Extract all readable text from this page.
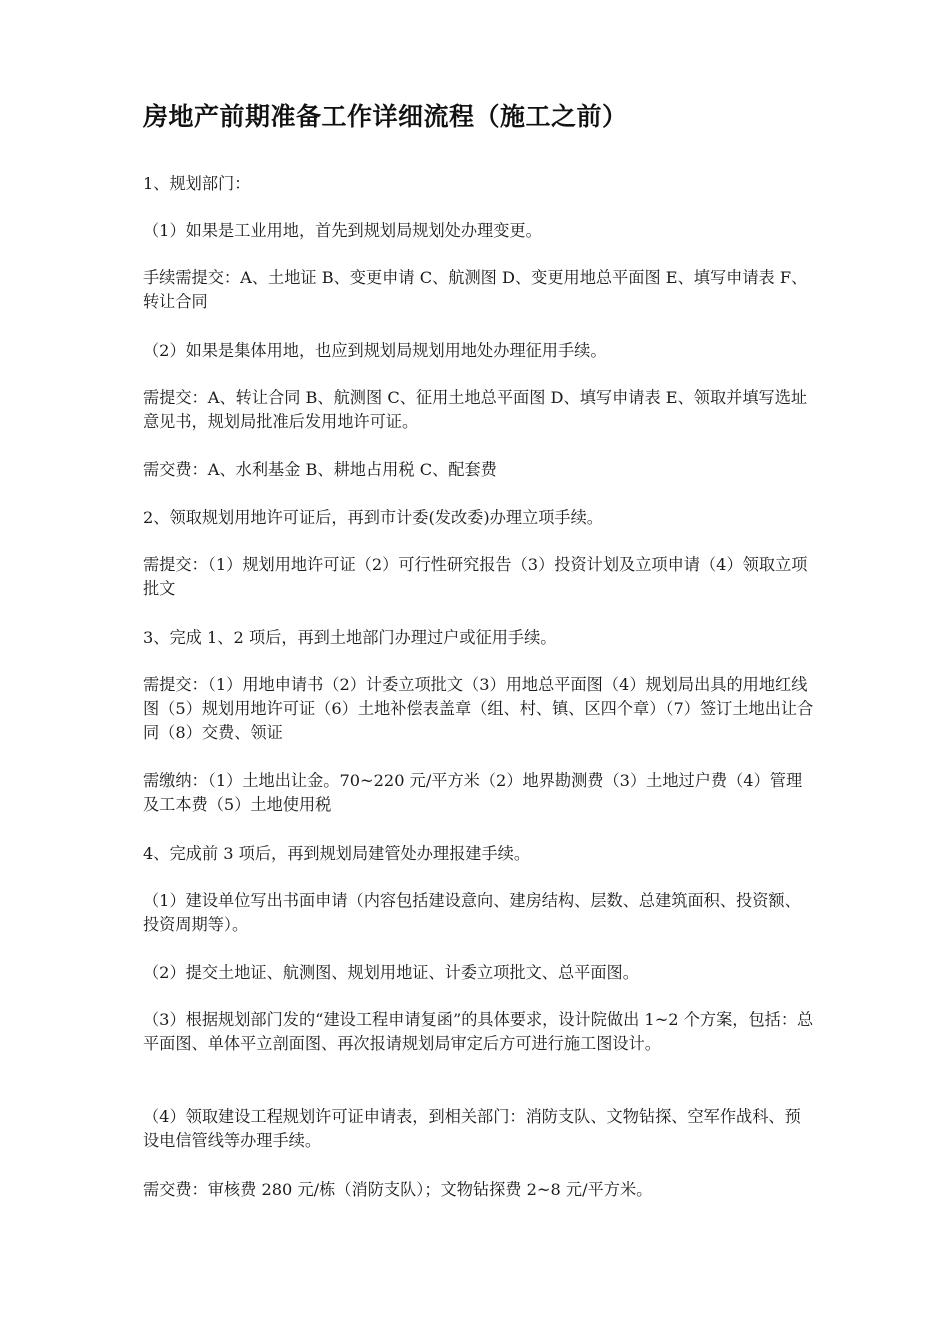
房地产前期准备工作详细流程（施工之前）

1、规划部门：

（1）如果是工业用地，首先到规划局规划处办理变更。

手续需提交：A、土地证 B、变更申请 C、航测图 D、变更用地总平面图 E、填写申请表 F、转让合同

（2）如果是集体用地，也应到规划局规划用地处办理征用手续。

需提交：A、转让合同 B、航测图 C、征用土地总平面图 D、填写申请表 E、领取并填写选址意见书，规划局批准后发用地许可证。

需交费：A、水利基金 B、耕地占用税 C、配套费

2、领取规划用地许可证后，再到市计委(发改委)办理立项手续。

需提交：（1）规划用地许可证（2）可行性研究报告（3）投资计划及立项申请（4）领取立项批文

3、完成 1、2 项后，再到土地部门办理过户或征用手续。

需提交：（1）用地申请书（2）计委立项批文（3）用地总平面图（4）规划局出具的用地红线图（5）规划用地许可证（6）土地补偿表盖章（组、村、镇、区四个章）（7）签订土地出让合同（8）交费、领证

需缴纳：（1）土地出让金。70~220 元/平方米（2）地界勘测费（3）土地过户费（4）管理及工本费（5）土地使用税

4、完成前 3 项后，再到规划局建管处办理报建手续。

（1）建设单位写出书面申请（内容包括建设意向、建房结构、层数、总建筑面积、投资额、投资周期等）。

（2）提交土地证、航测图、规划用地证、计委立项批文、总平面图。

（3）根据规划部门发的“建设工程申请复函”的具体要求，设计院做出 1~2 个方案，包括：总平面图、单体平立剖面图、再次报请规划局审定后方可进行施工图设计。

（4）领取建设工程规划许可证申请表，到相关部门：消防支队、文物钻探、空军作战科、预设电信管线等办理手续。

需交费：审核费 280 元/栋（消防支队）；文物钻探费 2~8 元/平方米。
